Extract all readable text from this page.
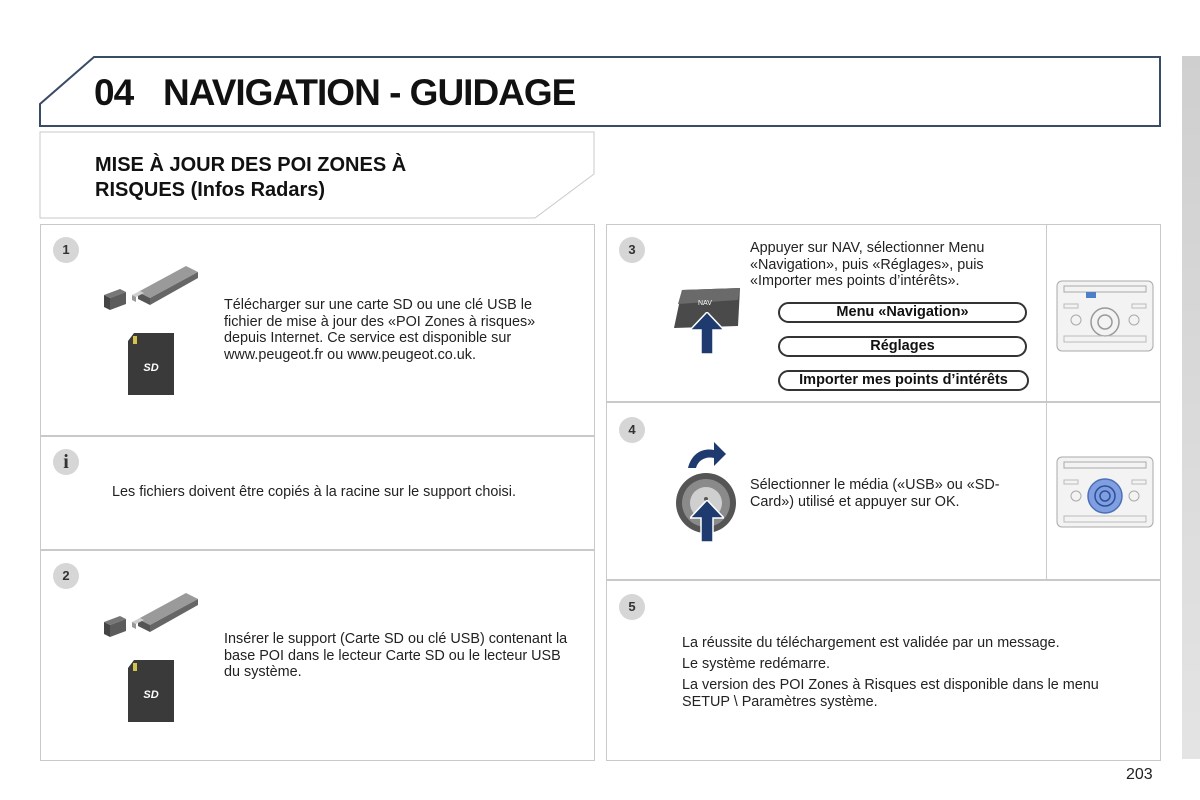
04 NAVIGATION - GUIDAGE
MISE À JOUR DES POI ZONES À
RISQUES (Infos Radars)
1
SD
Télécharger sur une carte SD ou une clé USB le fichier de mise à jour des «POI Zones à risques» depuis Internet. Ce service est disponible sur www.peugeot.fr ou www.peugeot.co.uk.
i
Les fichiers doivent être copiés à la racine sur le support choisi.
2
SD
Insérer le support (Carte SD ou clé USB) contenant la base POI dans le lecteur Carte SD ou le lecteur USB du système.
3
NAV
Appuyer sur NAV, sélectionner Menu «Navigation», puis «Réglages», puis «Importer mes points d’intérêts».
Menu «Navigation»
Réglages
Importer mes points d’intérêts
4
Sélectionner le média («USB» ou «SD-Card») utilisé et appuyer sur OK.
5
La réussite du téléchargement est validée par un message.
Le système redémarre.
La version des POI Zones à Risques est disponible dans le menu SETUP \ Paramètres système.
203
